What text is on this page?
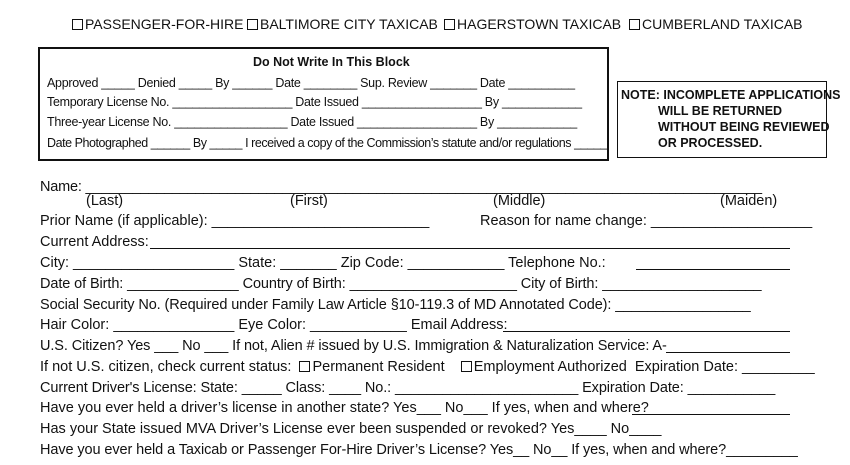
PASSENGER-FOR-HIRE	BALTIMORE CITY TAXICAB	HAGERSTOWN TAXICAB	CUMBERLAND TAXICAB
Do Not Write In This Block
Approved _____ Denied _____ By ______ Date ________ Sup. Review _______ Date __________
Temporary License No. __________________ Date Issued __________________ By ____________
Three-year License No. _________________ Date Issued __________________ By ____________
Date Photographed ______ By _____ I received a copy of the Commission’s statute and/or regulations _____
NOTE: INCOMPLETE APPLICATIONS
WILL BE RETURNED
WITHOUT BEING REVIEWED
OR PROCESSED.
Name: ______________________________________________________________________________________
(Last)	(First)	(Middle)	(Maiden)
Prior Name (if applicable): ___________________________	Reason for name change: ____________________
Current Address:
City: ____________________ State: _______ Zip Code: ____________ Telephone No.:
Date of Birth: ______________ Country of Birth: _____________________ City of Birth: ____________________
Social Security No. (Required under Family Law Article §10-119.3 of MD Annotated Code): _________________
Hair Color: _______________ Eye Color: ____________ Email Address:
U.S. Citizen? Yes ___ No ___ If not, Alien # issued by U.S. Immigration & Naturalization Service: A-
If not U.S. citizen, check current status: Permanent Resident Employment Authorized Expiration Date: _________
Current Driver's License: State: _____ Class: ____ No.: _______________________ Expiration Date: ___________
Have you ever held a driver’s license in another state? Yes___ No___ If yes, when and where?
Has your State issued MVA Driver’s License ever been suspended or revoked? Yes____ No____
Have you ever held a Taxicab or Passenger For-Hire Driver’s License? Yes__ No__ If yes, when and where?_________
